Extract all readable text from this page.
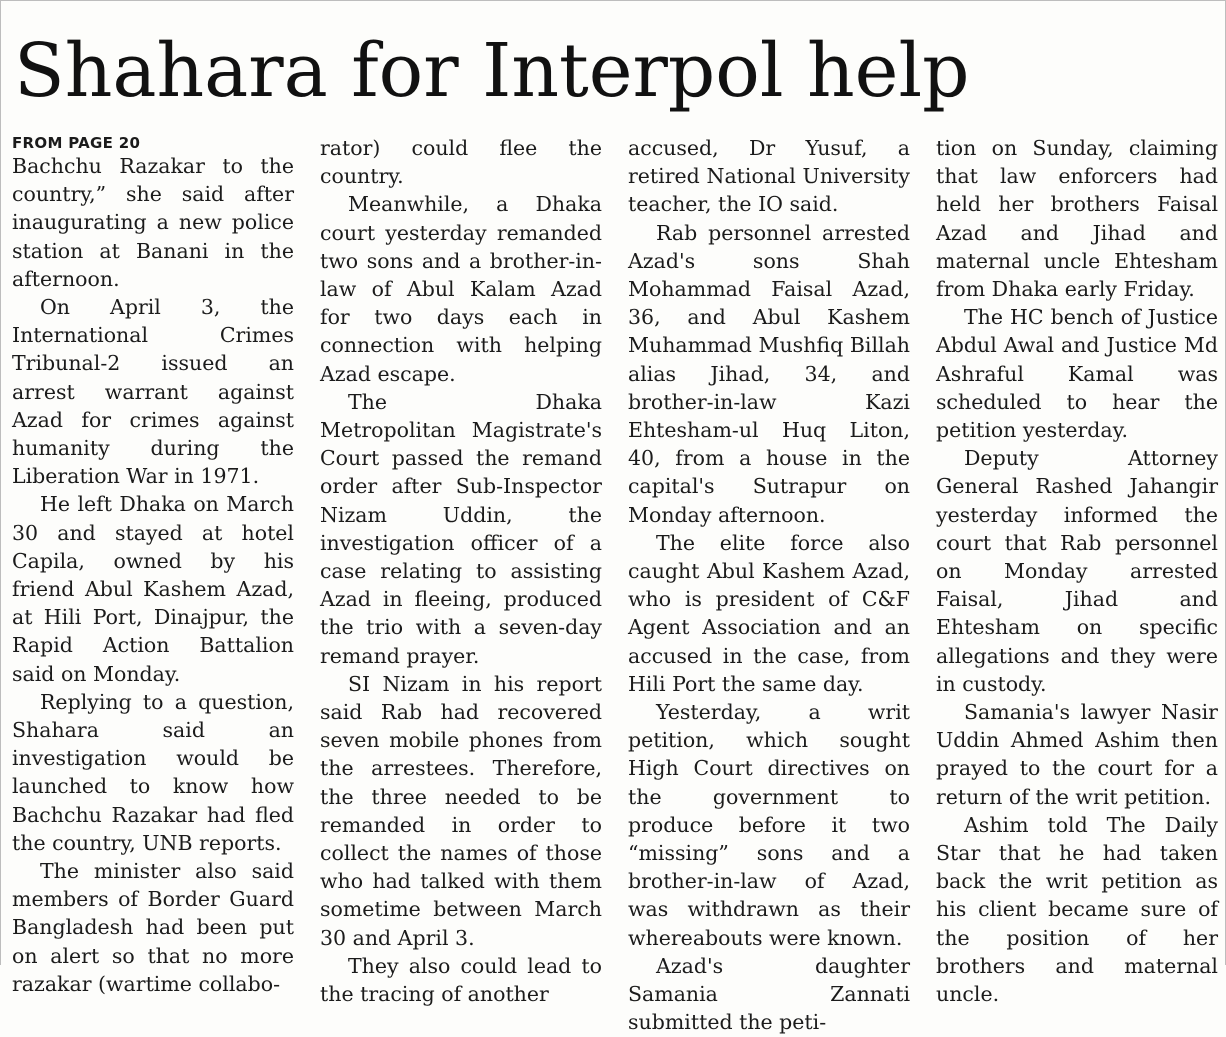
Shahara for Interpol help
FROM PAGE 20

Bachchu Razakar to the country,” she said after inaugurating a new police station at Banani in the afternoon.

On April 3, the International Crimes Tribunal-2 issued an arrest warrant against Azad for crimes against humanity during the Liberation War in 1971.

He left Dhaka on March 30 and stayed at hotel Capila, owned by his friend Abul Kashem Azad, at Hili Port, Dinajpur, the Rapid Action Battalion said on Monday.

Replying to a question, Shahara said an investigation would be launched to know how Bachchu Razakar had fled the country, UNB reports.

The minister also said members of Border Guard Bangladesh had been put on alert so that no more razakar (wartime collabo-

rator) could flee the country.

Meanwhile, a Dhaka court yesterday remanded two sons and a brother-in-law of Abul Kalam Azad for two days each in connection with helping Azad escape.

The Dhaka Metropolitan Magistrate's Court passed the remand order after Sub-Inspector Nizam Uddin, the investigation officer of a case relating to assisting Azad in fleeing, produced the trio with a seven-day remand prayer.

SI Nizam in his report said Rab had recovered seven mobile phones from the arrestees. Therefore, the three needed to be remanded in order to collect the names of those who had talked with them sometime between March 30 and April 3.

They also could lead to the tracing of another

accused, Dr Yusuf, a retired National University teacher, the IO said.

Rab personnel arrested Azad's sons Shah Mohammad Faisal Azad, 36, and Abul Kashem Muhammad Mushfiq Billah alias Jihad, 34, and brother-in-law Kazi Ehtesham-ul Huq Liton, 40, from a house in the capital's Sutrapur on Monday afternoon.

The elite force also caught Abul Kashem Azad, who is president of C&F Agent Association and an accused in the case, from Hili Port the same day.

Yesterday, a writ petition, which sought High Court directives on the government to produce before it two “missing” sons and a brother-in-law of Azad, was withdrawn as their whereabouts were known.

Azad's daughter Samania Zannati submitted the peti-

tion on Sunday, claiming that law enforcers had held her brothers Faisal Azad and Jihad and maternal uncle Ehtesham from Dhaka early Friday.

The HC bench of Justice Abdul Awal and Justice Md Ashraful Kamal was scheduled to hear the petition yesterday.

Deputy Attorney General Rashed Jahangir yesterday informed the court that Rab personnel on Monday arrested Faisal, Jihad and Ehtesham on specific allegations and they were in custody.

Samania's lawyer Nasir Uddin Ahmed Ashim then prayed to the court for a return of the writ petition.

Ashim told The Daily Star that he had taken back the writ petition as his client became sure of the position of her brothers and maternal uncle.
